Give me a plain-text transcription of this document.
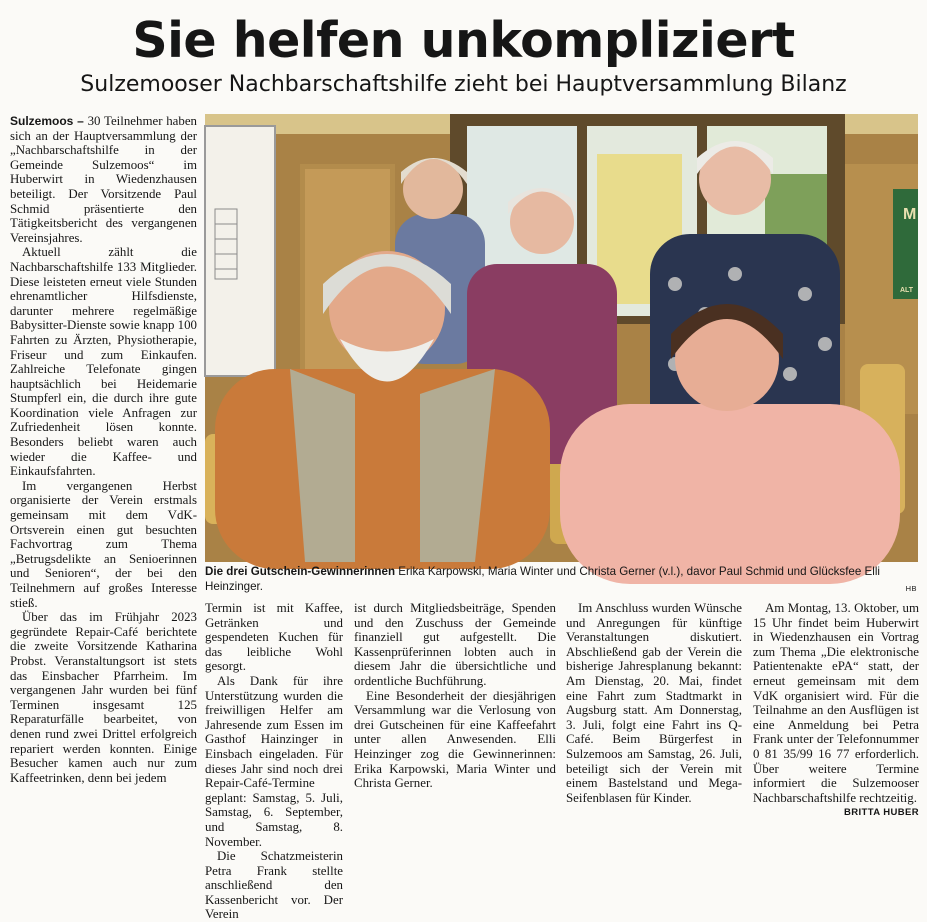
Sie helfen unkompliziert
Sulzemooser Nachbarschaftshilfe zieht bei Hauptversammlung Bilanz

Sulzemoos – 30 Teilnehmer haben sich an der Hauptversammlung der „Nachbarschaftshilfe in der Gemeinde Sulzemoos“ im Huberwirt in Wiedenzhausen beteiligt. Der Vorsitzende Paul Schmid präsentierte den Tätigkeitsbericht des vergangenen Vereinsjahres.

Aktuell zählt die Nachbarschaftshilfe 133 Mitglieder. Diese leisteten erneut viele Stunden ehrenamtlicher Hilfsdienste, darunter mehrere regelmäßige Babysitter-Dienste sowie knapp 100 Fahrten zu Ärzten, Physiotherapie, Friseur und zum Einkaufen. Zahlreiche Telefonate gingen hauptsächlich bei Heidemarie Stumpferl ein, die durch ihre gute Koordination viele Anfragen zur Zufriedenheit lösen konnte. Besonders beliebt waren auch wieder die Kaffee- und Einkaufsfahrten.

Im vergangenen Herbst organisierte der Verein erstmals gemeinsam mit dem VdK-Ortsverein einen gut besuchten Fachvortrag zum Thema „Betrugsdelikte an Senioerinnen und Senioren“, der bei den Teilnehmern auf großes Interesse stieß.

Über das im Frühjahr 2023 gegründete Repair-Café berichtete die zweite Vorsitzende Katharina Probst. Veranstaltungsort ist stets das Einsbacher Pfarrheim. Im vergangenen Jahr wurden bei fünf Terminen insgesamt 125 Reparaturfälle bearbeitet, von denen rund zwei Drittel erfolgreich repariert werden konnten. Einige Besucher kamen auch nur zum Kaffeetrinken, denn bei jedem

M
ALT
Die drei Gutschein-Gewinnerinnen Erika Karpowski, Maria Winter und Christa Gerner (v.l.), davor Paul Schmid und Glücksfee Elli Heinzinger.	HB

Termin ist mit Kaffee, Getränken und gespendeten Kuchen für das leibliche Wohl gesorgt.

Als Dank für ihre Unterstützung wurden die freiwilligen Helfer am Jahresende zum Essen im Gasthof Hainzinger in Einsbach eingeladen. Für dieses Jahr sind noch drei Repair-Café-Termine geplant: Samstag, 5. Juli, Samstag, 6. September, und Samstag, 8. November.

Die Schatzmeisterin Petra Frank stellte anschließend den Kassenbericht vor. Der Verein

ist durch Mitgliedsbeiträge, Spenden und den Zuschuss der Gemeinde finanziell gut aufgestellt. Die Kassenprüferinnen lobten auch in diesem Jahr die übersichtliche und ordentliche Buchführung.

Eine Besonderheit der diesjährigen Versammlung war die Verlosung von drei Gutscheinen für eine Kaffeefahrt unter allen Anwesenden. Elli Heinzinger zog die Gewinnerinnen: Erika Karpowski, Maria Winter und Christa Gerner.

Im Anschluss wurden Wünsche und Anregungen für künftige Veranstaltungen diskutiert. Abschließend gab der Verein die bisherige Jahresplanung bekannt: Am Dienstag, 20. Mai, findet eine Fahrt zum Stadtmarkt in Augsburg statt. Am Donnerstag, 3. Juli, folgt eine Fahrt ins Q-Café. Beim Bürgerfest in Sulzemoos am Samstag, 26. Juli, beteiligt sich der Verein mit einem Bastelstand und Mega-Seifenblasen für Kinder.

Am Montag, 13. Oktober, um 15 Uhr findet beim Huberwirt in Wiedenzhausen ein Vortrag zum Thema „Die elektronische Patientenakte ePA“ statt, der erneut gemeinsam mit dem VdK organisiert wird. Für die Teilnahme an den Ausflügen ist eine Anmeldung bei Petra Frank unter der Telefonnummer 0 81 35/99 16 77 erforderlich. Über weitere Termine informiert die Sulzemooser Nachbarschaftshilfe rechtzeitig.
BRITTA HUBER
